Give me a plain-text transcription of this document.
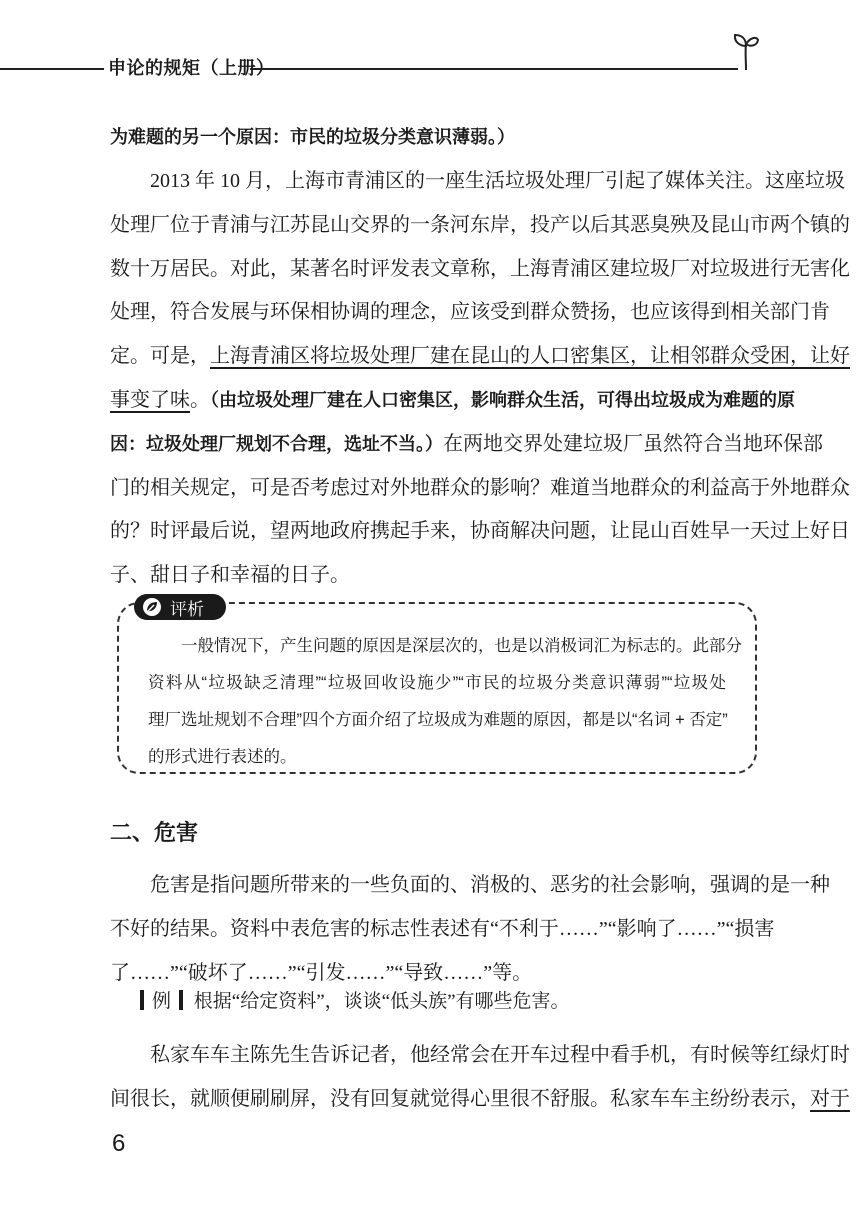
申论的规矩（上册）
为难题的另一个原因：市民的垃圾分类意识薄弱。）
2013 年 10 月，上海市青浦区的一座生活垃圾处理厂引起了媒体关注。这座垃圾
处理厂位于青浦与江苏昆山交界的一条河东岸，投产以后其恶臭殃及昆山市两个镇的
数十万居民。对此，某著名时评发表文章称，上海青浦区建垃圾厂对垃圾进行无害化
处理，符合发展与环保相协调的理念，应该受到群众赞扬，也应该得到相关部门肯
定。可是，上海青浦区将垃圾处理厂建在昆山的人口密集区，让相邻群众受困，让好
事变了味。（由垃圾处理厂建在人口密集区，影响群众生活，可得出垃圾成为难题的原
因：垃圾处理厂规划不合理，选址不当。）在两地交界处建垃圾厂虽然符合当地环保部
门的相关规定，可是否考虑过对外地群众的影响？难道当地群众的利益高于外地群众
的？时评最后说，望两地政府携起手来，协商解决问题，让昆山百姓早一天过上好日
子、甜日子和幸福的日子。
评析
一般情况下，产生问题的原因是深层次的，也是以消极词汇为标志的。此部分
资料从“垃圾缺乏清理”“垃圾回收设施少”“市民的垃圾分类意识薄弱”“垃圾处
理厂选址规划不合理”四个方面介绍了垃圾成为难题的原因，都是以“名词 + 否定”
的形式进行表述的。
二、危害
危害是指问题所带来的一些负面的、消极的、恶劣的社会影响，强调的是一种
不好的结果。资料中表危害的标志性表述有“不利于……”“影响了……”“损害
了……”“破坏了……”“引发……”“导致……”等。
例 根据“给定资料”，谈谈“低头族”有哪些危害。
私家车车主陈先生告诉记者，他经常会在开车过程中看手机，有时候等红绿灯时
间很长，就顺便刷刷屏，没有回复就觉得心里很不舒服。私家车车主纷纷表示，对于
6
